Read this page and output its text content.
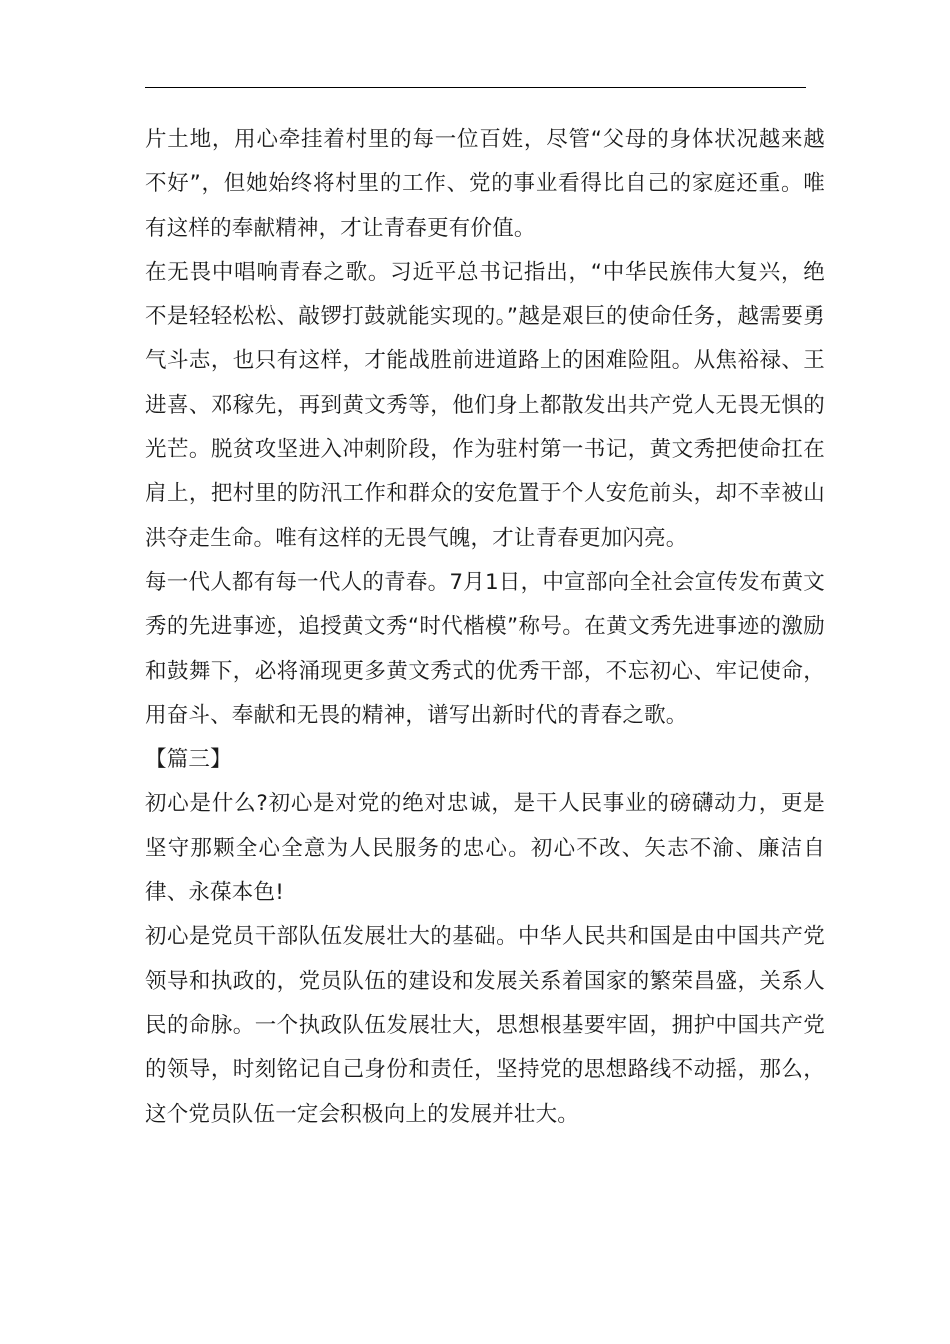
片土地，用心牵挂着村里的每一位百姓，尽管“父母的身体状况越来越不好”，但她始终将村里的工作、党的事业看得比自己的家庭还重。唯有这样的奉献精神，才让青春更有价值。

在无畏中唱响青春之歌。习近平总书记指出，“中华民族伟大复兴，绝不是轻轻松松、敲锣打鼓就能实现的。”越是艰巨的使命任务，越需要勇气斗志，也只有这样，才能战胜前进道路上的困难险阻。从焦裕禄、王进喜、邓稼先，再到黄文秀等，他们身上都散发出共产党人无畏无惧的光芒。脱贫攻坚进入冲刺阶段，作为驻村第一书记，黄文秀把使命扛在肩上，把村里的防汛工作和群众的安危置于个人安危前头，却不幸被山洪夺走生命。唯有这样的无畏气魄，才让青春更加闪亮。

每一代人都有每一代人的青春。7月1日，中宣部向全社会宣传发布黄文秀的先进事迹，追授黄文秀“时代楷模”称号。在黄文秀先进事迹的激励和鼓舞下，必将涌现更多黄文秀式的优秀干部，不忘初心、牢记使命，用奋斗、奉献和无畏的精神，谱写出新时代的青春之歌。

【篇三】

初心是什么?初心是对党的绝对忠诚，是干人民事业的磅礴动力，更是坚守那颗全心全意为人民服务的忠心。初心不改、矢志不渝、廉洁自律、永葆本色!

初心是党员干部队伍发展壮大的基础。中华人民共和国是由中国共产党领导和执政的，党员队伍的建设和发展关系着国家的繁荣昌盛，关系人民的命脉。一个执政队伍发展壮大，思想根基要牢固，拥护中国共产党的领导，时刻铭记自己身份和责任，坚持党的思想路线不动摇，那么，这个党员队伍一定会积极向上的发展并壮大。
